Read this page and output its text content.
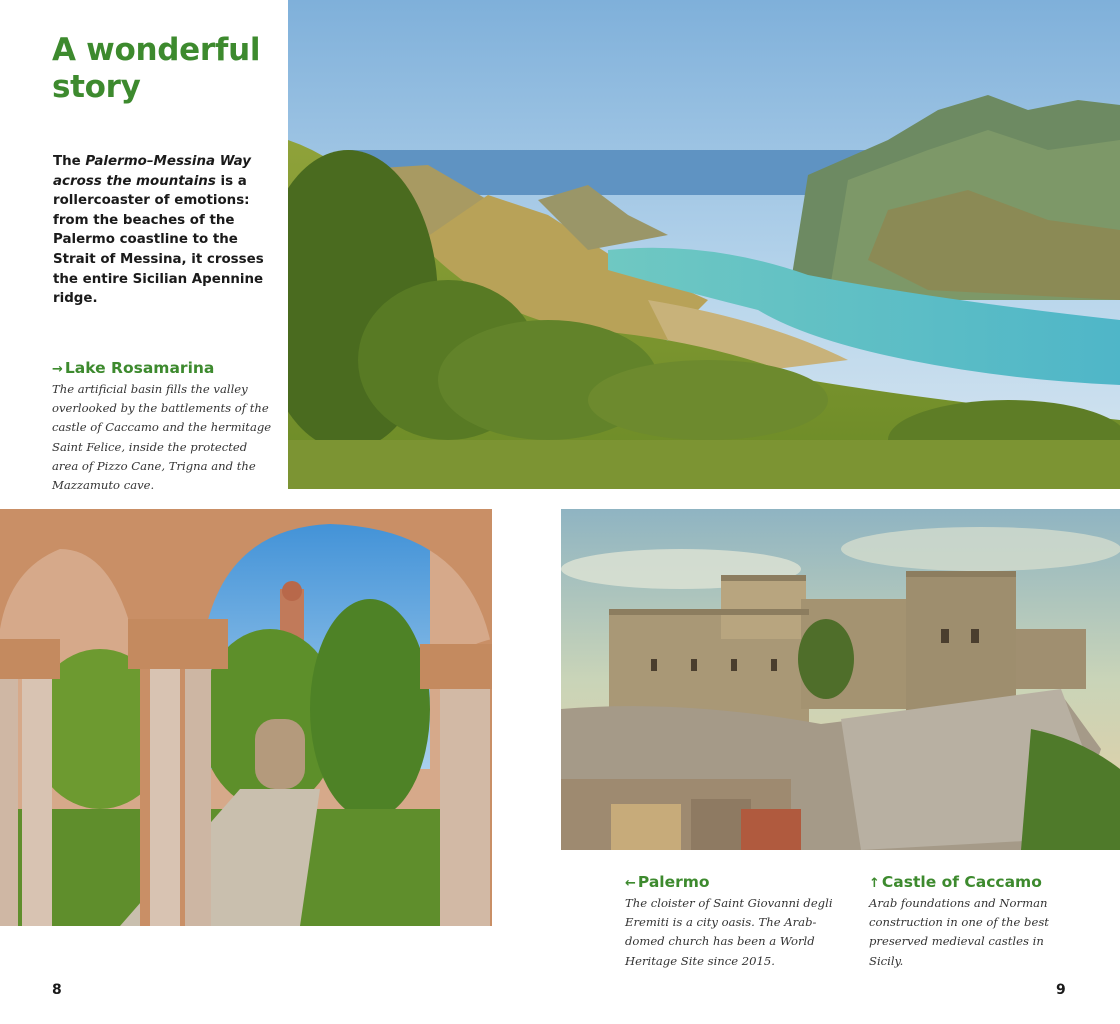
A wonderful story
The Palermo–Messina Way across the mountains is a rollercoaster of emotions: from the beaches of the Palermo coastline to the Strait of Messina, it crosses the entire Sicilian Apennine ridge.
→ Lake Rosamarina
The artificial basin fills the valley overlooked by the battlements of the castle of Caccamo and the hermitage Saint Felice, inside the protected area of Pizzo Cane, Trigna and the Mazzamuto cave.
← Palermo
The cloister of Saint Giovanni degli Eremiti is a city oasis. The Arab-domed church has been a World Heritage Site since 2015.
↑ Castle of Caccamo
Arab foundations and Norman construction in one of the best preserved medieval castles in Sicily.
8	9
